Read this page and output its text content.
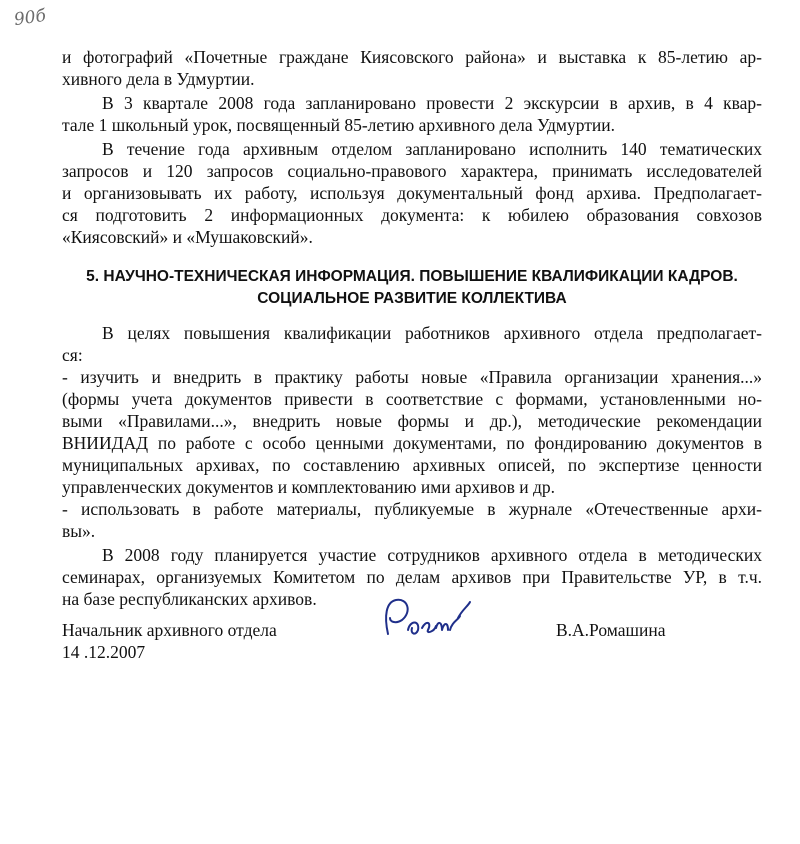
90б
и фотографий «Почетные граждане Киясовского района» и выставка к 85-летию ар-
хивного дела в Удмуртии.
В 3 квартале 2008 года запланировано провести 2 экскурсии в архив, в 4 квар-
тале 1 школьный урок, посвященный 85-летию архивного дела Удмуртии.
В течение года архивным отделом запланировано исполнить 140 тематических
запросов и 120 запросов социально-правового характера, принимать исследователей
и организовывать их работу, используя документальный фонд архива. Предполагает-
ся подготовить 2 информационных документа: к юбилею образования совхозов
«Киясовский» и «Мушаковский».
5. НАУЧНО-ТЕХНИЧЕСКАЯ ИНФОРМАЦИЯ. ПОВЫШЕНИЕ КВАЛИФИКАЦИИ КАДРОВ.
СОЦИАЛЬНОЕ РАЗВИТИЕ КОЛЛЕКТИВА
В целях повышения квалификации работников архивного отдела предполагает-
ся:
- изучить и внедрить в практику работы новые «Правила организации хранения...»
(формы учета документов привести в соответствие с формами, установленными но-
выми «Правилами...», внедрить новые формы и др.), методические рекомендации
ВНИИДАД по работе с особо ценными документами, по фондированию документов в
муниципальных архивах, по составлению архивных описей, по экспертизе ценности
управленческих документов и комплектованию ими архивов и др.
- использовать в работе материалы, публикуемые в журнале «Отечественные архи-
вы».
В 2008 году планируется участие сотрудников архивного отдела в методических
семинарах, организуемых Комитетом по делам архивов при Правительстве УР, в т.ч.
на базе республиканских архивов.
Начальник архивного отдела
14 .12.2007
В.А.Ромашина
